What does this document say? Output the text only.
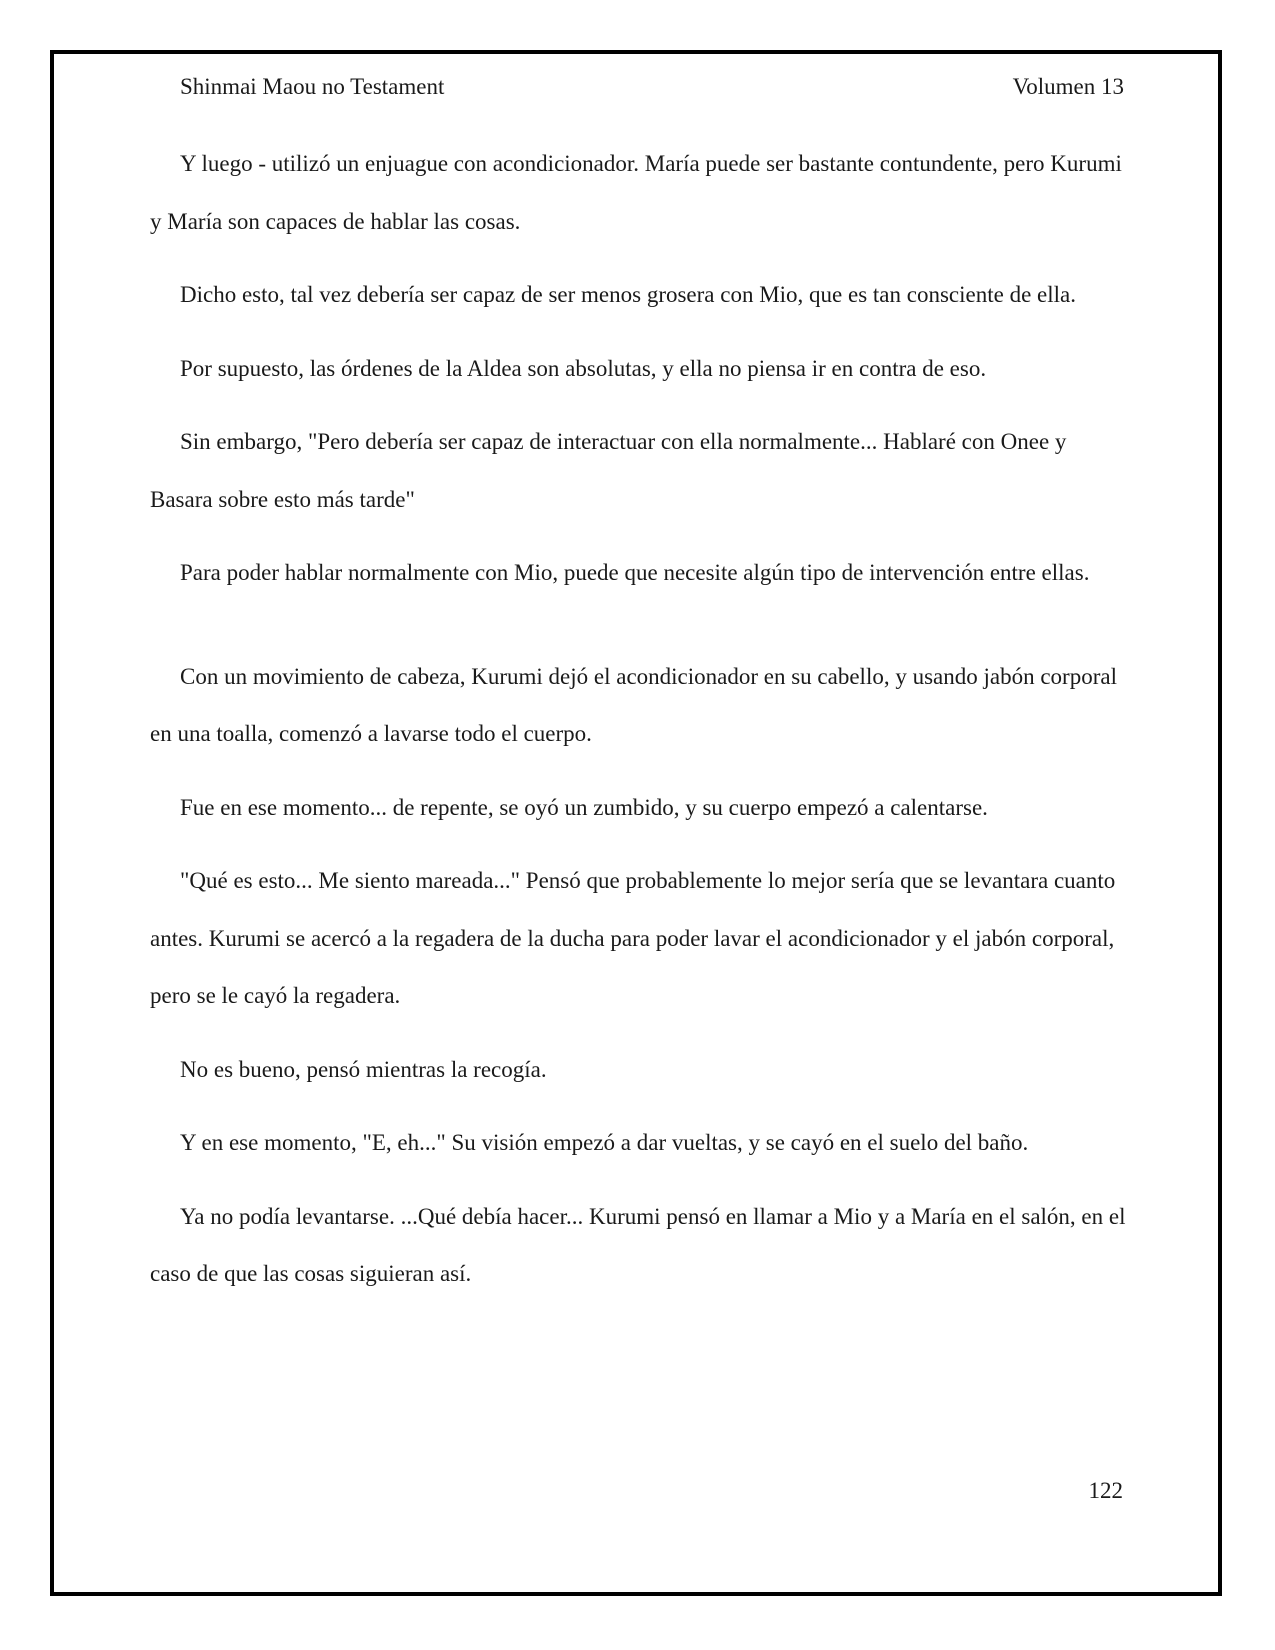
Shinmai Maou no Testament	Volumen 13

Y luego - utilizó un enjuague con acondicionador. María puede ser bastante contundente, pero Kurumi y María son capaces de hablar las cosas.

Dicho esto, tal vez debería ser capaz de ser menos grosera con Mio, que es tan consciente de ella.

Por supuesto, las órdenes de la Aldea son absolutas, y ella no piensa ir en contra de eso.

Sin embargo, "Pero debería ser capaz de interactuar con ella normalmente... Hablaré con Onee y Basara sobre esto más tarde"

Para poder hablar normalmente con Mio, puede que necesite algún tipo de intervención entre ellas.

Con un movimiento de cabeza, Kurumi dejó el acondicionador en su cabello, y usando jabón corporal en una toalla, comenzó a lavarse todo el cuerpo.

Fue en ese momento... de repente, se oyó un zumbido, y su cuerpo empezó a calentarse.

"Qué es esto... Me siento mareada..." Pensó que probablemente lo mejor sería que se levantara cuanto antes. Kurumi se acercó a la regadera de la ducha para poder lavar el acondicionador y el jabón corporal, pero se le cayó la regadera.

No es bueno, pensó mientras la recogía.

Y en ese momento, "E, eh..." Su visión empezó a dar vueltas, y se cayó en el suelo del baño.

Ya no podía levantarse. ...Qué debía hacer... Kurumi pensó en llamar a Mio y a María en el salón, en el caso de que las cosas siguieran así.

122
